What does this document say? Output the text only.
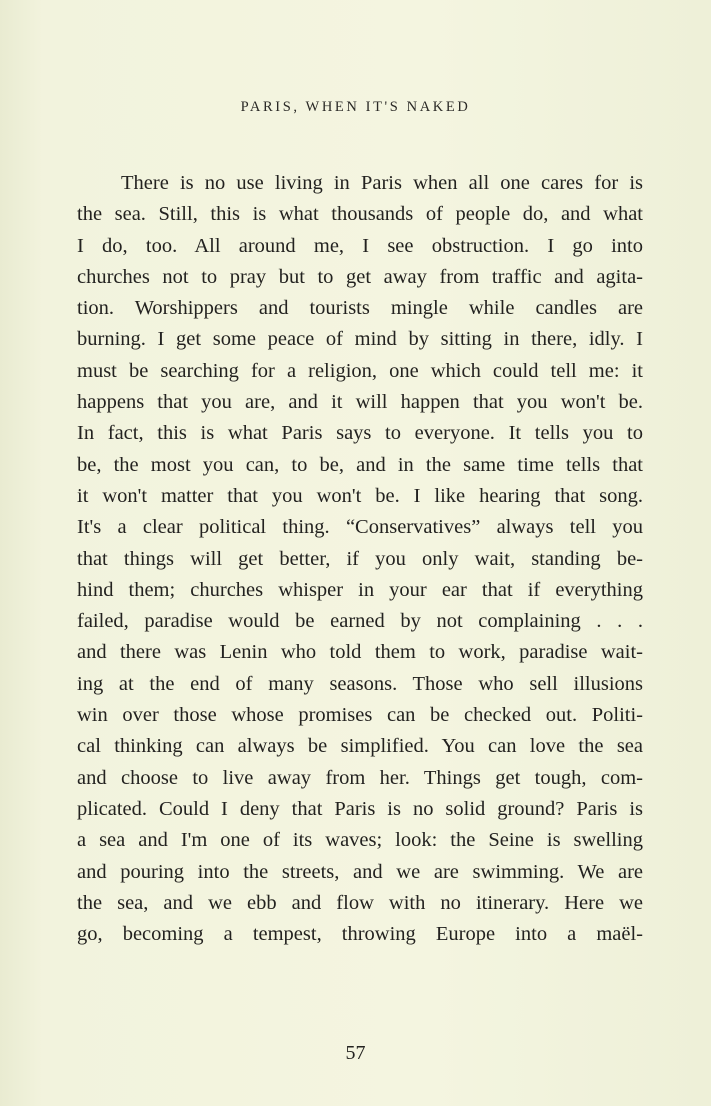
PARIS, WHEN IT'S NAKED
There is no use living in Paris when all one cares for is
the sea. Still, this is what thousands of people do, and what
I do, too. All around me, I see obstruction. I go into
churches not to pray but to get away from traffic and agita-
tion. Worshippers and tourists mingle while candles are
burning. I get some peace of mind by sitting in there, idly. I
must be searching for a religion, one which could tell me: it
happens that you are, and it will happen that you won't be.
In fact, this is what Paris says to everyone. It tells you to
be, the most you can, to be, and in the same time tells that
it won't matter that you won't be. I like hearing that song.
It's a clear political thing. “Conservatives” always tell you
that things will get better, if you only wait, standing be-
hind them; churches whisper in your ear that if everything
failed, paradise would be earned by not complaining . . .
and there was Lenin who told them to work, paradise wait-
ing at the end of many seasons. Those who sell illusions
win over those whose promises can be checked out. Politi-
cal thinking can always be simplified. You can love the sea
and choose to live away from her. Things get tough, com-
plicated. Could I deny that Paris is no solid ground? Paris is
a sea and I'm one of its waves; look: the Seine is swelling
and pouring into the streets, and we are swimming. We are
the sea, and we ebb and flow with no itinerary. Here we
go, becoming a tempest, throwing Europe into a maël-
57
